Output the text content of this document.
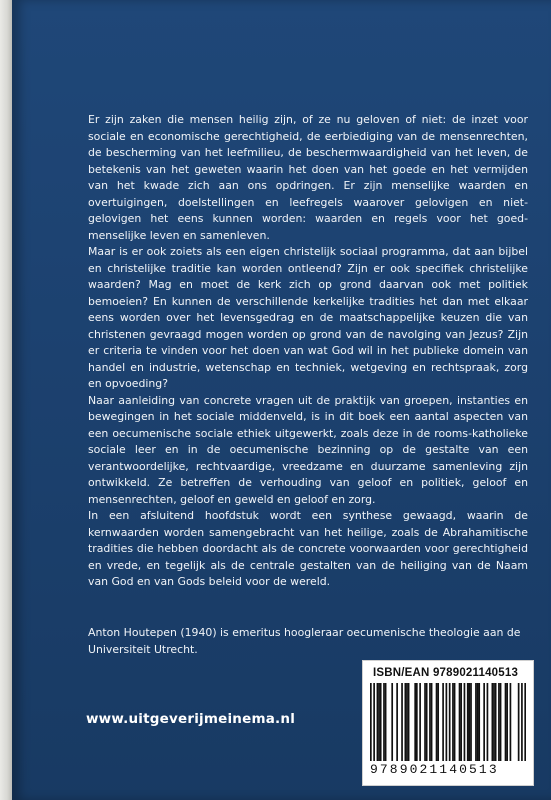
Er zijn zaken die mensen heilig zijn, of ze nu geloven of niet: de inzet voor sociale en economische gerechtigheid, de eerbiediging van de mensenrechten, de bescherming van het leefmilieu, de beschermwaardigheid van het leven, de betekenis van het geweten waarin het doen van het goede en het vermijden van het kwade zich aan ons opdringen. Er zijn menselijke waarden en overtuigingen, doelstellingen en leefregels waarover gelovigen en niet-gelovigen het eens kunnen worden: waarden en regels voor het goed-menselijke leven en samenleven.

Maar is er ook zoiets als een eigen christelijk sociaal programma, dat aan bijbel en christelijke traditie kan worden ontleend? Zijn er ook specifiek christelijke waarden? Mag en moet de kerk zich op grond daarvan ook met politiek bemoeien? En kunnen de verschillende kerkelijke tradities het dan met elkaar eens worden over het levensgedrag en de maatschappelijke keuzen die van christenen gevraagd mogen worden op grond van de navolging van Jezus? Zijn er criteria te vinden voor het doen van wat God wil in het publieke domein van handel en industrie, wetenschap en techniek, wetgeving en rechtspraak, zorg en opvoeding?

Naar aanleiding van concrete vragen uit de praktijk van groepen, instanties en bewegingen in het sociale middenveld, is in dit boek een aantal aspecten van een oecumenische sociale ethiek uitgewerkt, zoals deze in de rooms-katholieke sociale leer en in de oecumenische bezinning op de gestalte van een verantwoordelijke, rechtvaardige, vreedzame en duurzame samenleving zijn ontwikkeld. Ze betreffen de verhouding van geloof en politiek, geloof en mensenrechten, geloof en geweld en geloof en zorg.

In een afsluitend hoofdstuk wordt een synthese gewaagd, waarin de kernwaarden worden samengebracht van het heilige, zoals de Abrahamitische tradities die hebben doordacht als de concrete voorwaarden voor gerechtigheid en vrede, en tegelijk als de centrale gestalten van de heiliging van de Naam van God en van Gods beleid voor de wereld.

Anton Houtepen (1940) is emeritus hoogleraar oecumenische theologie aan de Universiteit Utrecht.

www.uitgeverijmeinema.nl

ISBN/EAN 9789021140513

9789021140513
